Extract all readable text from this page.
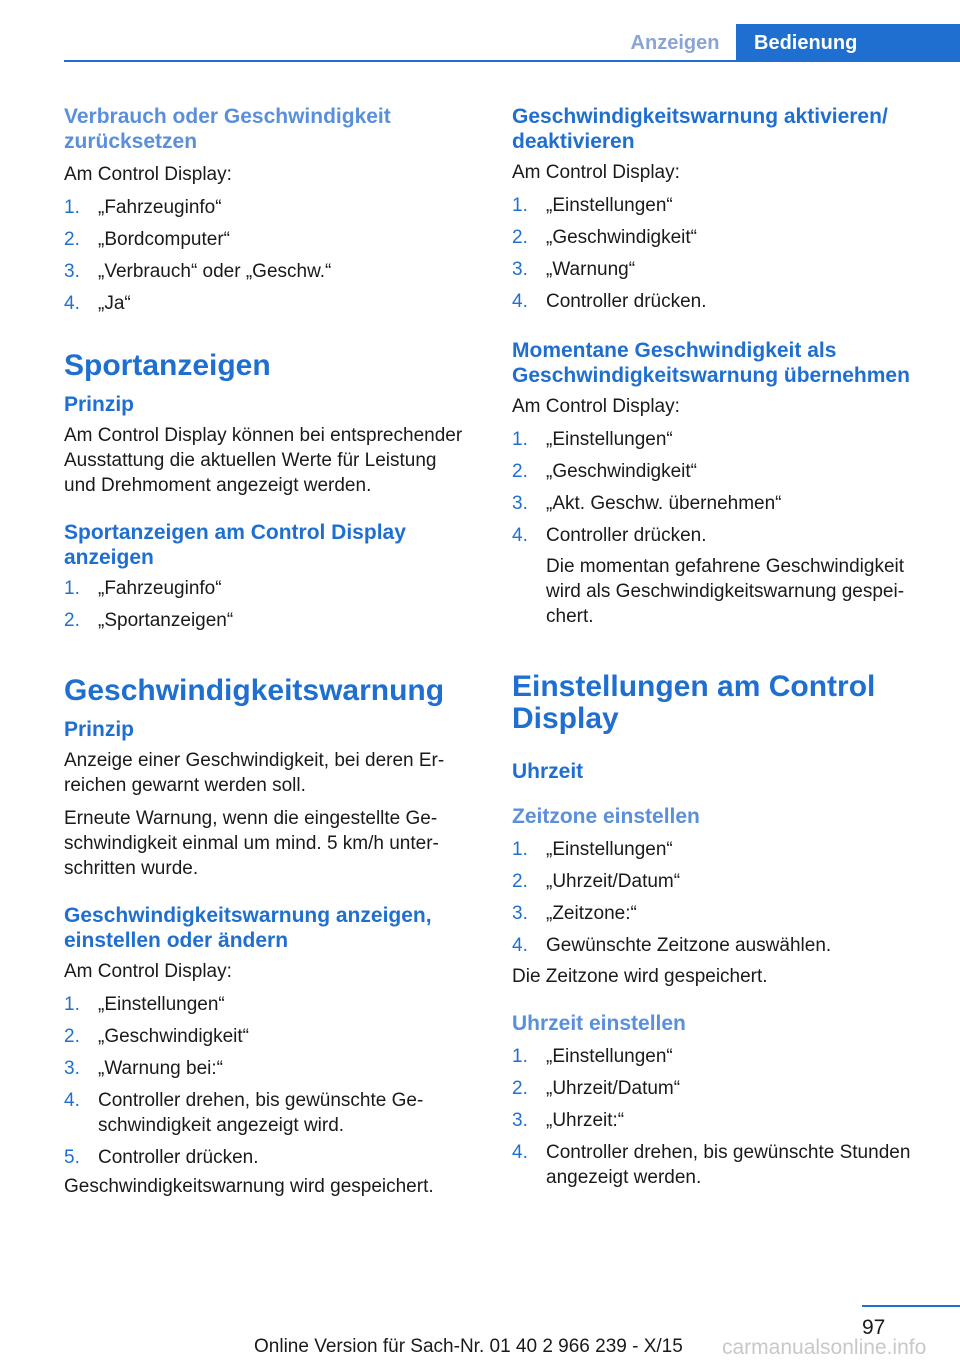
Anzeigen	Bedienung
Verbrauch oder Geschwindigkeit zurücksetzen

Am Control Display:

1. „Fahrzeuginfo“
2. „Bordcomputer“
3. „Verbrauch“ oder „Geschw.“
4. „Ja“
Sportanzeigen
Prinzip

Am Control Display können bei entsprechender Ausstattung die aktuellen Werte für Leistung und Drehmoment angezeigt werden.

Sportanzeigen am Control Display anzeigen
1. „Fahrzeuginfo“
2. „Sportanzeigen“
Geschwindigkeitswarnung
Prinzip

Anzeige einer Geschwindigkeit, bei deren Erreichen gewarnt werden soll.

Erneute Warnung, wenn die eingestellte Geschwindigkeit einmal um mind. 5 km/h unterschritten wurde.

Geschwindigkeitswarnung anzeigen, einstellen oder ändern

Am Control Display:

1. „Einstellungen“
2. „Geschwindigkeit“
3. „Warnung bei:“
4. Controller drehen, bis gewünschte Geschwindigkeit angezeigt wird.
5. Controller drücken.

Geschwindigkeitswarnung wird gespeichert.

Geschwindigkeitswarnung aktivieren/ deaktivieren

Am Control Display:

1. „Einstellungen“
2. „Geschwindigkeit“
3. „Warnung“
4. Controller drücken.
Momentane Geschwindigkeit als Geschwindigkeitswarnung übernehmen

Am Control Display:

1. „Einstellungen“
2. „Geschwindigkeit“
3. „Akt. Geschw. übernehmen“
4. Controller drücken.
Die momentan gefahrene Geschwindigkeit wird als Geschwindigkeitswarnung gespeichert.
Einstellungen am Control Display
Uhrzeit
Zeitzone einstellen
1. „Einstellungen“
2. „Uhrzeit/Datum“
3. „Zeitzone:“
4. Gewünschte Zeitzone auswählen.

Die Zeitzone wird gespeichert.

Uhrzeit einstellen
1. „Einstellungen“
2. „Uhrzeit/Datum“
3. „Uhrzeit:“
4. Controller drehen, bis gewünschte Stunden angezeigt werden.
97
Online Version für Sach-Nr. 01 40 2 966 239 - X/15 carmanualsonline.info
